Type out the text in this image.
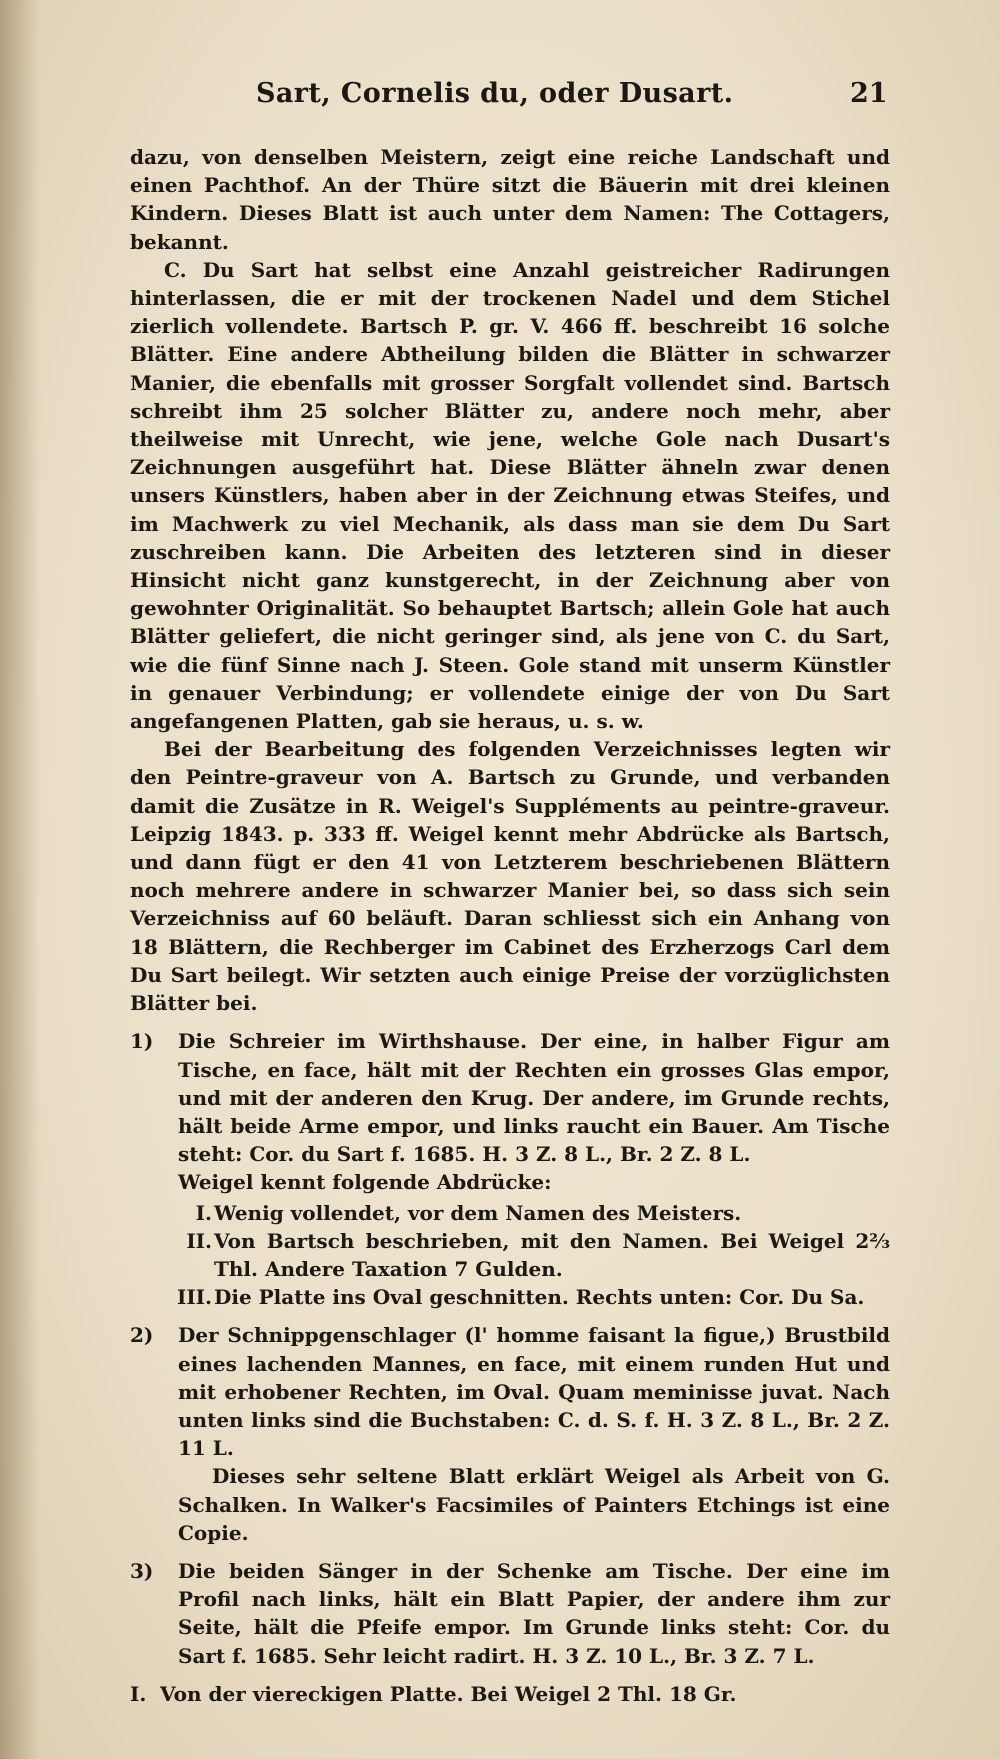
Sart, Cornelis du, oder Dusart.	21

dazu, von denselben Meistern, zeigt eine reiche Landschaft und einen Pachthof. An der Thüre sitzt die Bäuerin mit drei kleinen Kindern. Dieses Blatt ist auch unter dem Namen: The Cottagers, bekannt.

C. Du Sart hat selbst eine Anzahl geistreicher Radirungen hinterlassen, die er mit der trockenen Nadel und dem Stichel zierlich vollendete. Bartsch P. gr. V. 466 ff. beschreibt 16 solche Blätter. Eine andere Abtheilung bilden die Blätter in schwarzer Manier, die ebenfalls mit grosser Sorgfalt vollendet sind. Bartsch schreibt ihm 25 solcher Blätter zu, andere noch mehr, aber theilweise mit Unrecht, wie jene, welche Gole nach Dusart's Zeichnungen ausgeführt hat. Diese Blätter ähneln zwar denen unsers Künstlers, haben aber in der Zeichnung etwas Steifes, und im Machwerk zu viel Mechanik, als dass man sie dem Du Sart zuschreiben kann. Die Arbeiten des letzteren sind in dieser Hinsicht nicht ganz kunstgerecht, in der Zeichnung aber von gewohnter Originalität. So behauptet Bartsch; allein Gole hat auch Blätter geliefert, die nicht geringer sind, als jene von C. du Sart, wie die fünf Sinne nach J. Steen. Gole stand mit unserm Künstler in genauer Verbindung; er vollendete einige der von Du Sart angefangenen Platten, gab sie heraus, u. s. w.

Bei der Bearbeitung des folgenden Verzeichnisses legten wir den Peintre-graveur von A. Bartsch zu Grunde, und verbanden damit die Zusätze in R. Weigel's Suppléments au peintre-graveur. Leipzig 1843. p. 333 ff. Weigel kennt mehr Abdrücke als Bartsch, und dann fügt er den 41 von Letzterem beschriebenen Blättern noch mehrere andere in schwarzer Manier bei, so dass sich sein Verzeichniss auf 60 beläuft. Daran schliesst sich ein Anhang von 18 Blättern, die Rechberger im Cabinet des Erzherzogs Carl dem Du Sart beilegt. Wir setzten auch einige Preise der vorzüglichsten Blätter bei.

1)	Die Schreier im Wirthshause. Der eine, in halber Figur am Tische, en face, hält mit der Rechten ein grosses Glas empor, und mit der anderen den Krug. Der andere, im Grunde rechts, hält beide Arme empor, und links raucht ein Bauer. Am Tische steht: Cor. du Sart f. 1685. H. 3 Z. 8 L., Br. 2 Z. 8 L.

Weigel kennt folgende Abdrücke:

I. Wenig vollendet, vor dem Namen des Meisters.

II. Von Bartsch beschrieben, mit den Namen. Bei Weigel 2⅔ Thl. Andere Taxation 7 Gulden.

III. Die Platte ins Oval geschnitten. Rechts unten: Cor. Du Sa.

2)	Der Schnippgenschlager (l' homme faisant la figue,) Brustbild eines lachenden Mannes, en face, mit einem runden Hut und mit erhobener Rechten, im Oval. Quam meminisse juvat. Nach unten links sind die Buchstaben: C. d. S. f. H. 3 Z. 8 L., Br. 2 Z. 11 L.

Dieses sehr seltene Blatt erklärt Weigel als Arbeit von G. Schalken. In Walker's Facsimiles of Painters Etchings ist eine Copie.

3)	Die beiden Sänger in der Schenke am Tische. Der eine im Profil nach links, hält ein Blatt Papier, der andere ihm zur Seite, hält die Pfeife empor. Im Grunde links steht: Cor. du Sart f. 1685. Sehr leicht radirt. H. 3 Z. 10 L., Br. 3 Z. 7 L.

I. Von der viereckigen Platte. Bei Weigel 2 Thl. 18 Gr.
